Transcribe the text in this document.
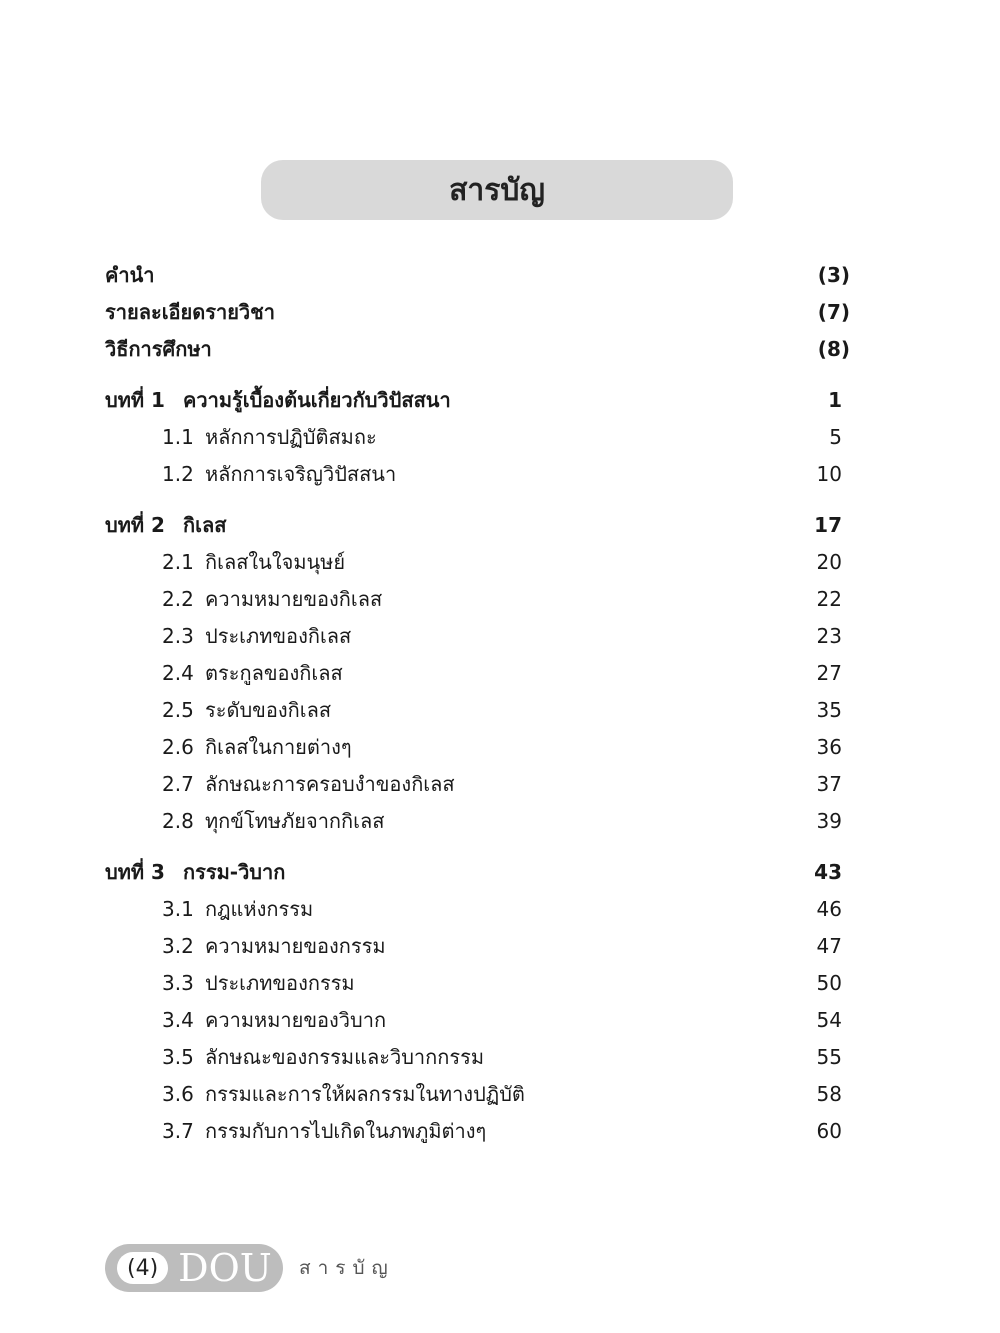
สารบัญ
คำนำ	(3)
รายละเอียดรายวิชา	(7)
วิธีการศึกษา	(8)
บทที่ 1 ความรู้เบื้องต้นเกี่ยวกับวิปัสสนา	1
1.1 หลักการปฏิบัติสมถะ	5
1.2 หลักการเจริญวิปัสสนา	10
บทที่ 2 กิเลส	17
2.1 กิเลสในใจมนุษย์	20
2.2 ความหมายของกิเลส	22
2.3 ประเภทของกิเลส	23
2.4 ตระกูลของกิเลส	27
2.5 ระดับของกิเลส	35
2.6 กิเลสในกายต่างๆ	36
2.7 ลักษณะการครอบงำของกิเลส	37
2.8 ทุกข์โทษภัยจากกิเลส	39
บทที่ 3 กรรม-วิบาก	43
3.1 กฎแห่งกรรม	46
3.2 ความหมายของกรรม	47
3.3 ประเภทของกรรม	50
3.4 ความหมายของวิบาก	54
3.5 ลักษณะของกรรมและวิบากกรรม	55
3.6 กรรมและการให้ผลกรรมในทางปฏิบัติ	58
3.7 กรรมกับการไปเกิดในภพภูมิต่างๆ	60
(4) DOU สารบัญ
